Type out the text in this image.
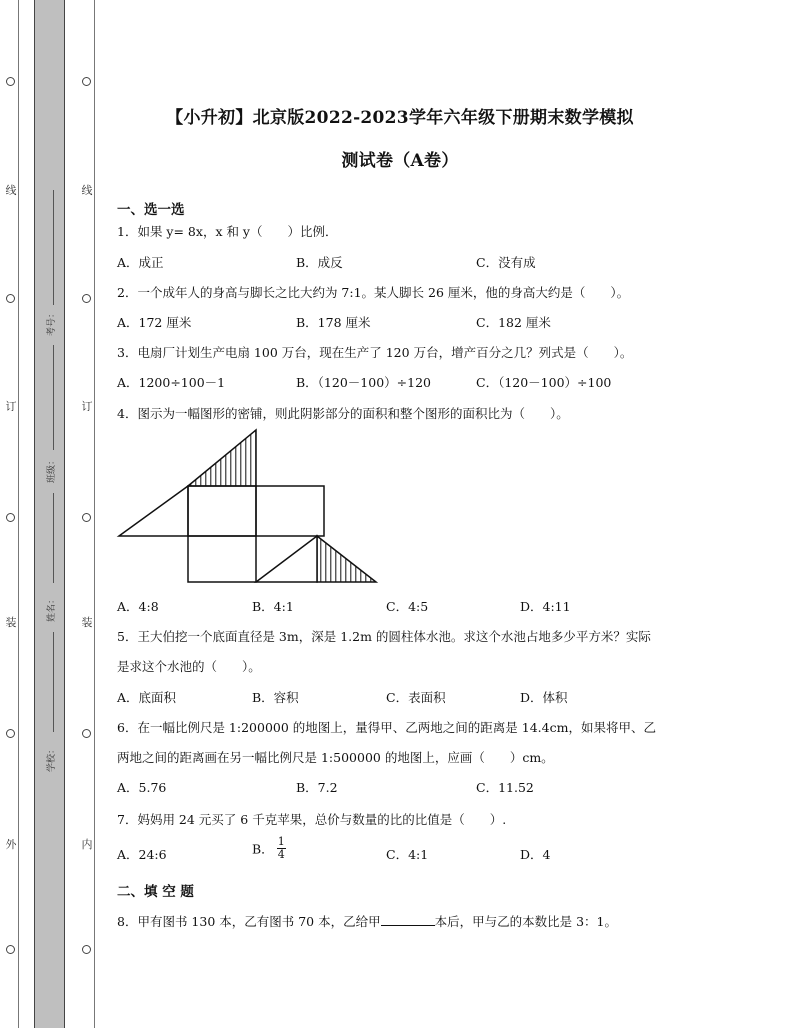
线
订
装
外
线
订
装
内
考号：
班级：
姓名：
学校：
【小升初】北京版2022-2023学年六年级下册期末数学模拟
测试卷（A卷）
一、选一选
1．如果 y= 8x，x 和 y（　　）比例．
A．成正	B．成反	C．没有成
2．一个成年人的身高与脚长之比大约为 7:1。某人脚长 26 厘米，他的身高大约是（　　）。
A．172 厘米	B．178 厘米	C．182 厘米
3．电扇厂计划生产电扇 100 万台，现在生产了 120 万台，增产百分之几？列式是（　　）。
A．1200÷100－1	B．（120－100）÷120	C．（120－100）÷100
4．图示为一幅图形的密铺，则此阴影部分的面积和整个图形的面积比为（　　）。
A．4:8	B．4:1	C．4:5	D．4:11
5．王大伯挖一个底面直径是 3m，深是 1.2m 的圆柱体水池。求这个水池占地多少平方米？实际
是求这个水池的（　　）。
A．底面积	B．容积	C．表面积	D．体积
6．在一幅比例尺是 1:200000 的地图上，量得甲、乙两地之间的距离是 14.4cm，如果将甲、乙
两地之间的距离画在另一幅比例尺是 1:500000 的地图上，应画（　　）cm。
A．5.76	B．7.2	C．11.52
7．妈妈用 24 元买了 6 千克苹果，总价与数量的比的比值是（　　）.
A．24:6	B． $\frac{1}{4}$	C．4:1	D．4
二、填 空 题
8．甲有图书 130 本，乙有图书 70 本，乙给甲	本后，甲与乙的本数比是 3：1。
